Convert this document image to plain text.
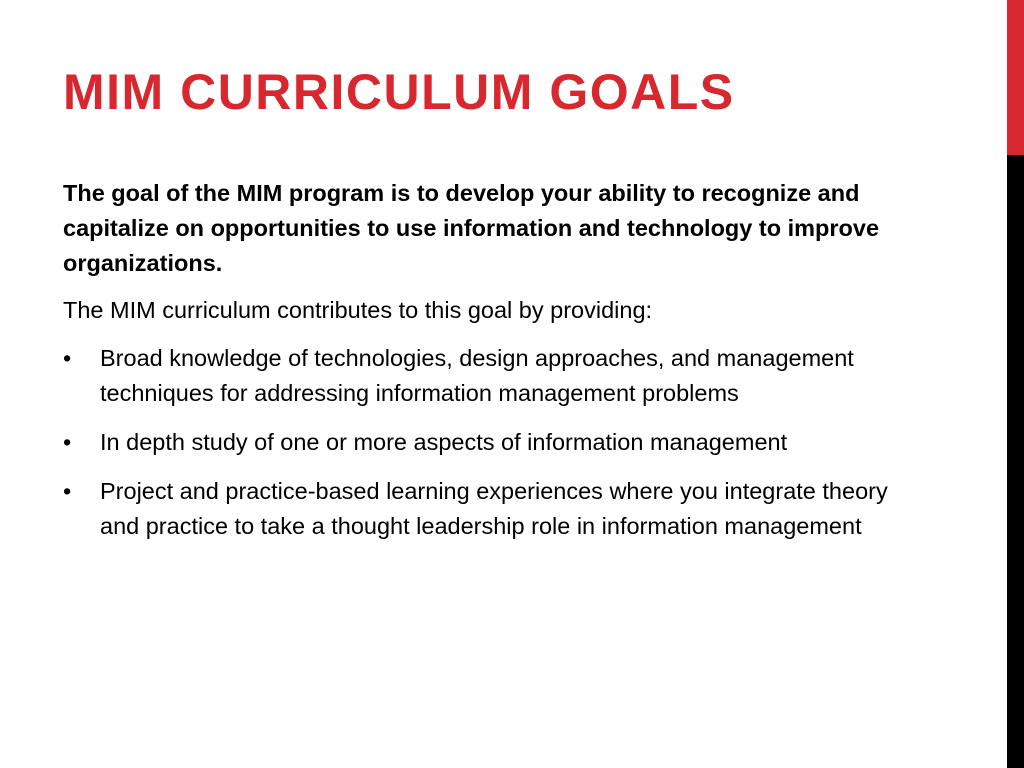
MIM CURRICULUM GOALS

The goal of the MIM program is to develop your ability to recognize and capitalize on opportunities to use information and technology to improve organizations.

The MIM curriculum contributes to this goal by providing:

• Broad knowledge of technologies, design approaches, and management techniques for addressing information management problems
• In depth study of one or more aspects of information management
• Project and practice-based learning experiences where you integrate theory and practice to take a thought leadership role in information management
